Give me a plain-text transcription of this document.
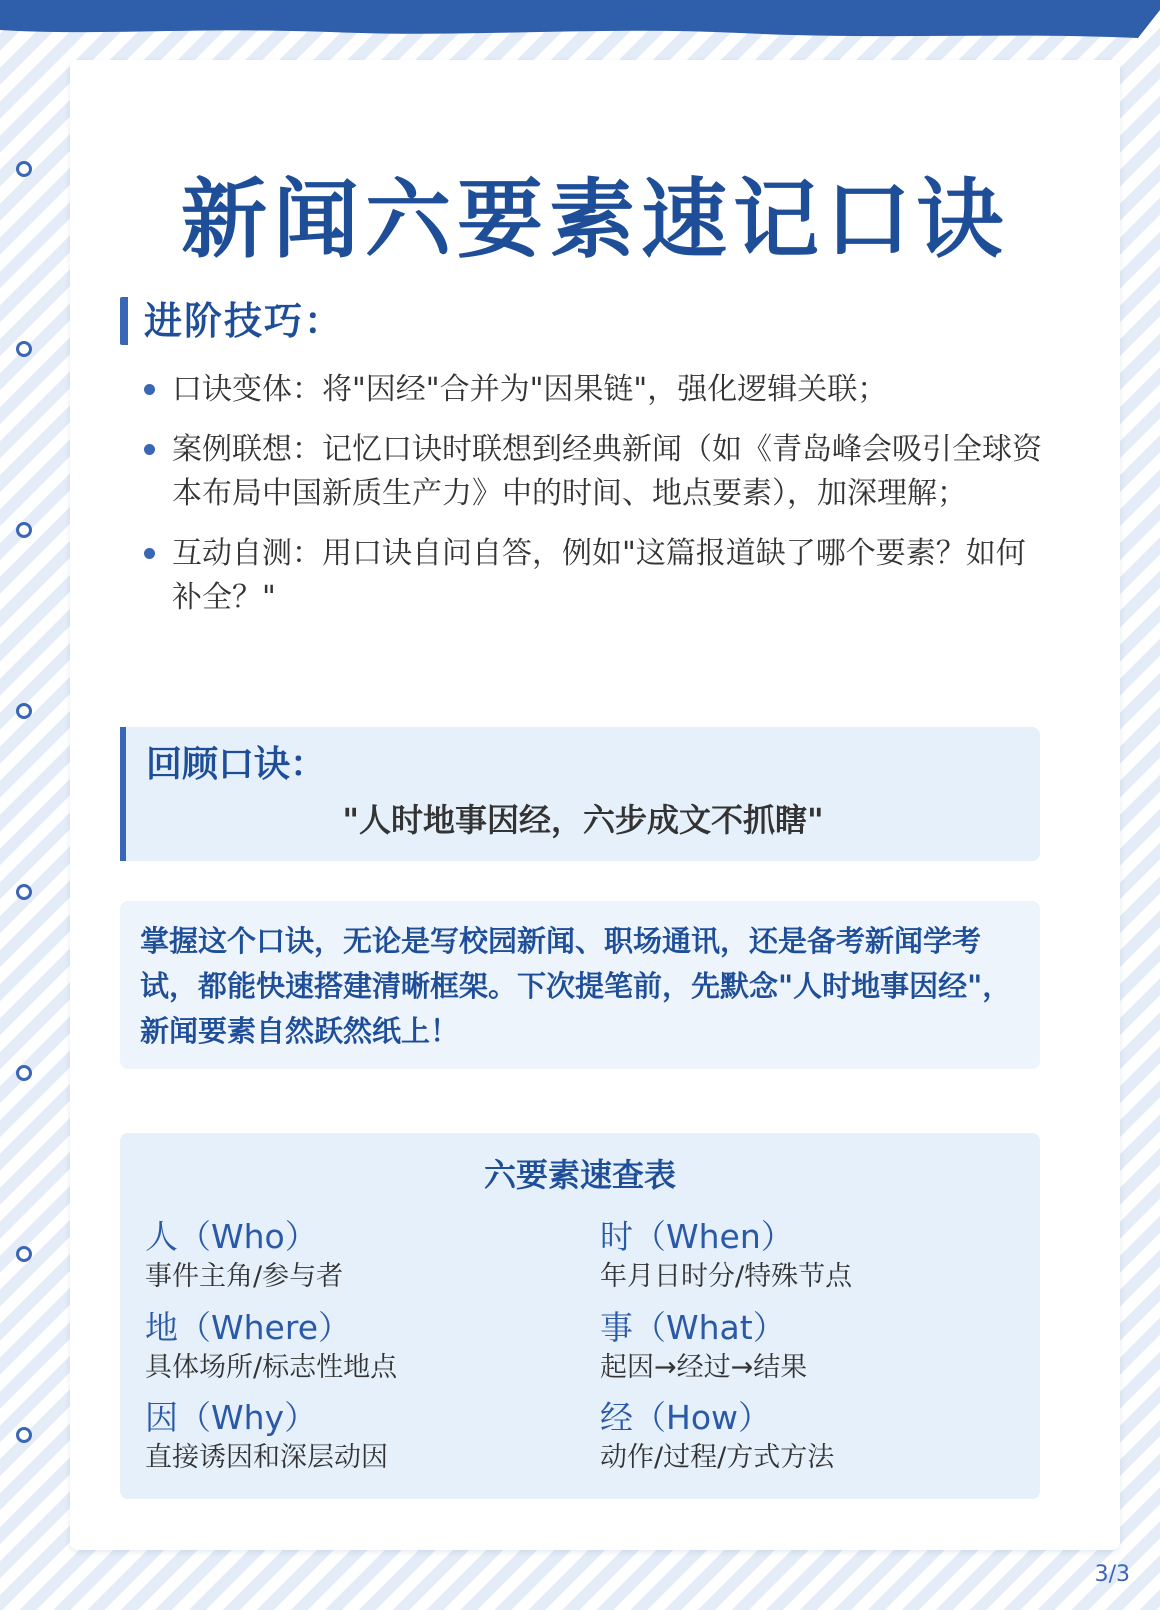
新闻六要素速记口诀
进阶技巧：
口诀变体：将"因经"合并为"因果链"，强化逻辑关联；
案例联想：记忆口诀时联想到经典新闻（如《青岛峰会吸引全球资本布局中国新质生产力》中的时间、地点要素），加深理解；
互动自测：用口诀自问自答，例如"这篇报道缺了哪个要素？如何补全？"
回顾口诀：

"人时地事因经，六步成文不抓瞎"

掌握这个口诀，无论是写校园新闻、职场通讯，还是备考新闻学考试，都能快速搭建清晰框架。下次提笔前，先默念"人时地事因经"，新闻要素自然跃然纸上！

六要素速查表
人（Who）
事件主角/参与者
时（When）
年月日时分/特殊节点
地（Where）
具体场所/标志性地点
事（What）
起因→经过→结果
因（Why）
直接诱因和深层动因
经（How）
动作/过程/方式方法
3/3
